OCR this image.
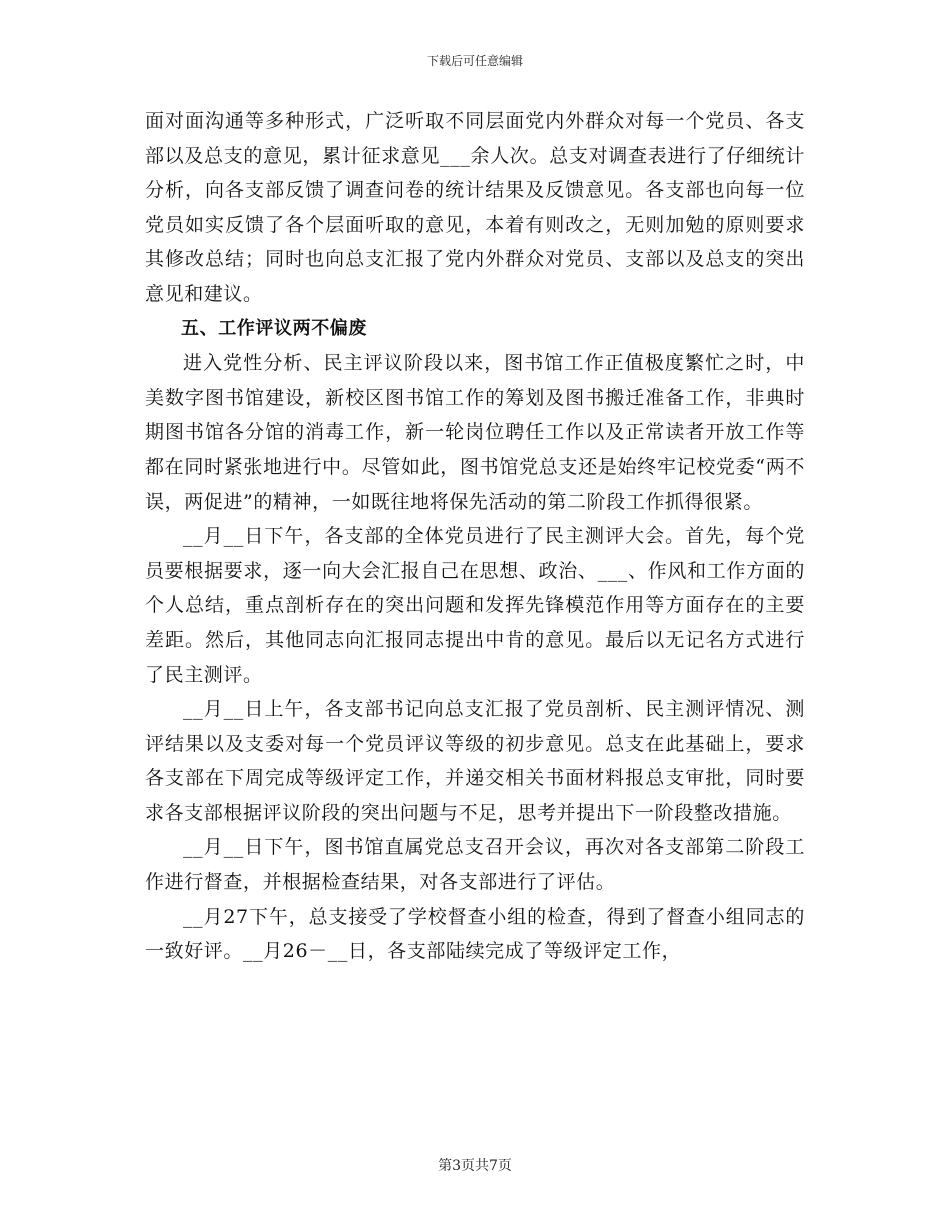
下载后可任意编辑

面对面沟通等多种形式，广泛听取不同层面党内外群众对每一个党员、各支部以及总支的意见，累计征求意见___余人次。总支对调查表进行了仔细统计分析，向各支部反馈了调查问卷的统计结果及反馈意见。各支部也向每一位党员如实反馈了各个层面听取的意见，本着有则改之，无则加勉的原则要求其修改总结；同时也向总支汇报了党内外群众对党员、支部以及总支的突出意见和建议。

五、工作评议两不偏废

进入党性分析、民主评议阶段以来，图书馆工作正值极度繁忙之时，中美数字图书馆建设，新校区图书馆工作的筹划及图书搬迁准备工作，非典时期图书馆各分馆的消毒工作，新一轮岗位聘任工作以及正常读者开放工作等都在同时紧张地进行中。尽管如此，图书馆党总支还是始终牢记校党委“两不误，两促进”的精神，一如既往地将保先活动的第二阶段工作抓得很紧。

__月__日下午，各支部的全体党员进行了民主测评大会。首先，每个党员要根据要求，逐一向大会汇报自己在思想、政治、___、作风和工作方面的个人总结，重点剖析存在的突出问题和发挥先锋模范作用等方面存在的主要差距。然后，其他同志向汇报同志提出中肯的意见。最后以无记名方式进行了民主测评。

__月__日上午，各支部书记向总支汇报了党员剖析、民主测评情况、测评结果以及支委对每一个党员评议等级的初步意见。总支在此基础上，要求各支部在下周完成等级评定工作，并递交相关书面材料报总支审批，同时要求各支部根据评议阶段的突出问题与不足，思考并提出下一阶段整改措施。

__月__日下午，图书馆直属党总支召开会议，再次对各支部第二阶段工作进行督查，并根据检查结果，对各支部进行了评估。

__月27下午，总支接受了学校督查小组的检查，得到了督查小组同志的一致好评。__月26－__日，各支部陆续完成了等级评定工作，

第3页共7页
